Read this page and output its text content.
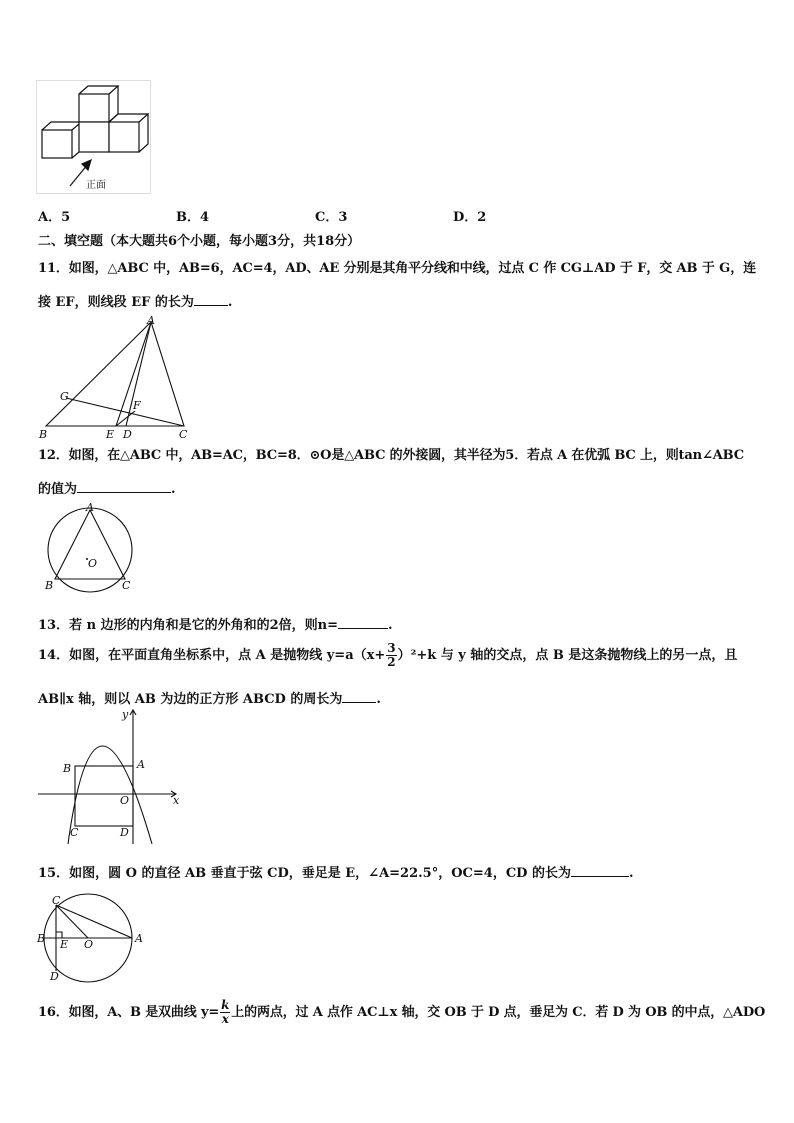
正面
A．5	B．4	C．3	D．2
二、填空题（本大题共6个小题，每小题3分，共18分）
11．如图，△ABC 中，AB=6，AC=4，AD、AE 分别是其角平分线和中线，过点 C 作 CG⊥AD 于 F，交 AB 于 G，连
接 EF，则线段 EF 的长为	.
A
G
F
B	E D	C
12．如图，在△ABC 中，AB=AC，BC=8．⊙O是△ABC 的外接圆，其半径为5．若点 A 在优弧 BC 上，则tan∠ABC
的值为	.
A
O
B	C
13．若 n 边形的内角和是它的外角和的2倍，则n=	.
14．如图，在平面直角坐标系中，点 A 是抛物线 $y=a(x+ \frac{3}{2} )^2+k$ 与 y 轴的交点，点 B 是这条抛物线上的另一点，且
AB∥x 轴，则以 AB 为边的正方形 ABCD 的周长为	.
y
x
B	A
O
C	D
15．如图，圆 O 的直径 AB 垂直于弦 CD，垂足是 E，∠A=22.5°，OC=4，CD 的长为	.
C
B E O	A
D
16．如图，A、B 是双曲线 $y= \frac{k}{x}$ 上的两点，过 A 点作 AC⊥x 轴，交 OB 于 D 点，垂足为 C．若 D 为 OB 的中点，△ADO
